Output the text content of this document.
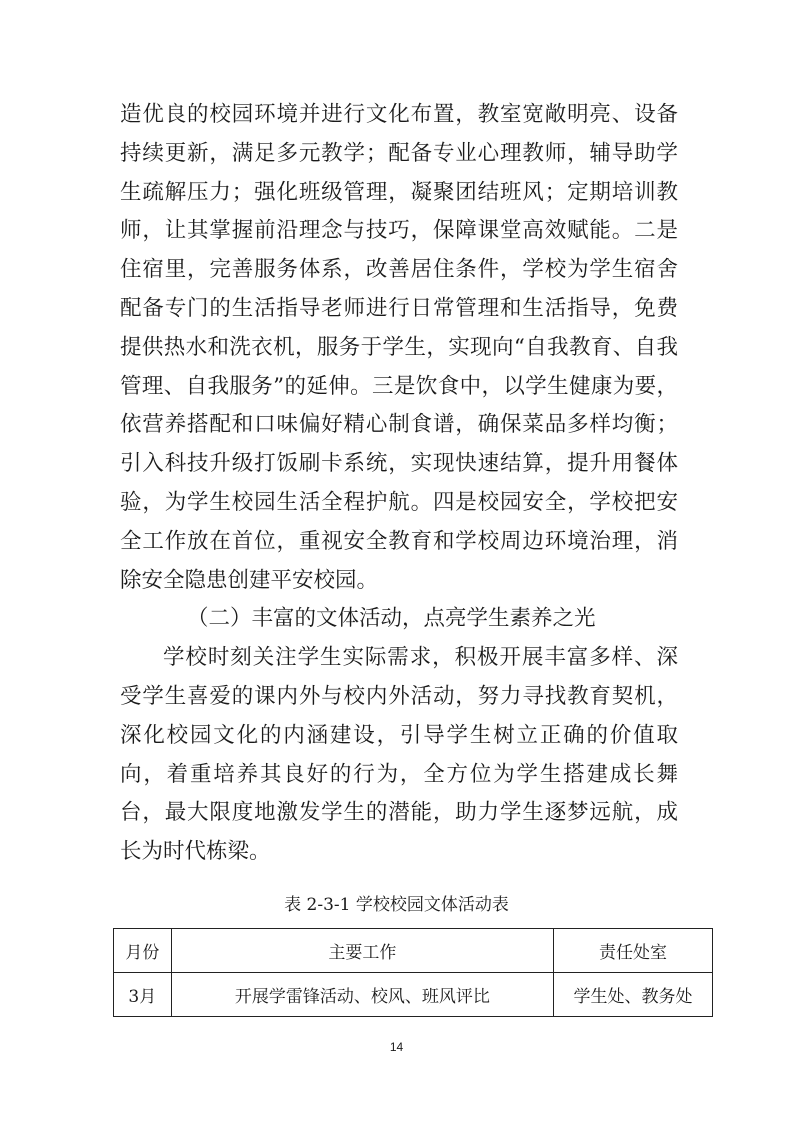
造优良的校园环境并进行文化布置，教室宽敞明亮、设备持续更新，满足多元教学；配备专业心理教师，辅导助学生疏解压力；强化班级管理，凝聚团结班风；定期培训教师，让其掌握前沿理念与技巧，保障课堂高效赋能。二是住宿里，完善服务体系，改善居住条件，学校为学生宿舍配备专门的生活指导老师进行日常管理和生活指导，免费提供热水和洗衣机，服务于学生，实现向“自我教育、自我管理、自我服务”的延伸。三是饮食中，以学生健康为要，依营养搭配和口味偏好精心制食谱，确保菜品多样均衡；引入科技升级打饭刷卡系统，实现快速结算，提升用餐体验，为学生校园生活全程护航。四是校园安全，学校把安全工作放在首位，重视安全教育和学校周边环境治理，消除安全隐患创建平安校园。

（二）丰富的文体活动，点亮学生素养之光

学校时刻关注学生实际需求，积极开展丰富多样、深受学生喜爱的课内外与校内外活动，努力寻找教育契机，深化校园文化的内涵建设，引导学生树立正确的价值取向，着重培养其良好的行为，全方位为学生搭建成长舞台，最大限度地激发学生的潜能，助力学生逐梦远航，成长为时代栋梁。

表 2-3-1 学校校园文体活动表
月份	主要工作	责任处室
3月	开展学雷锋活动、校风、班风评比	学生处、教务处
14
